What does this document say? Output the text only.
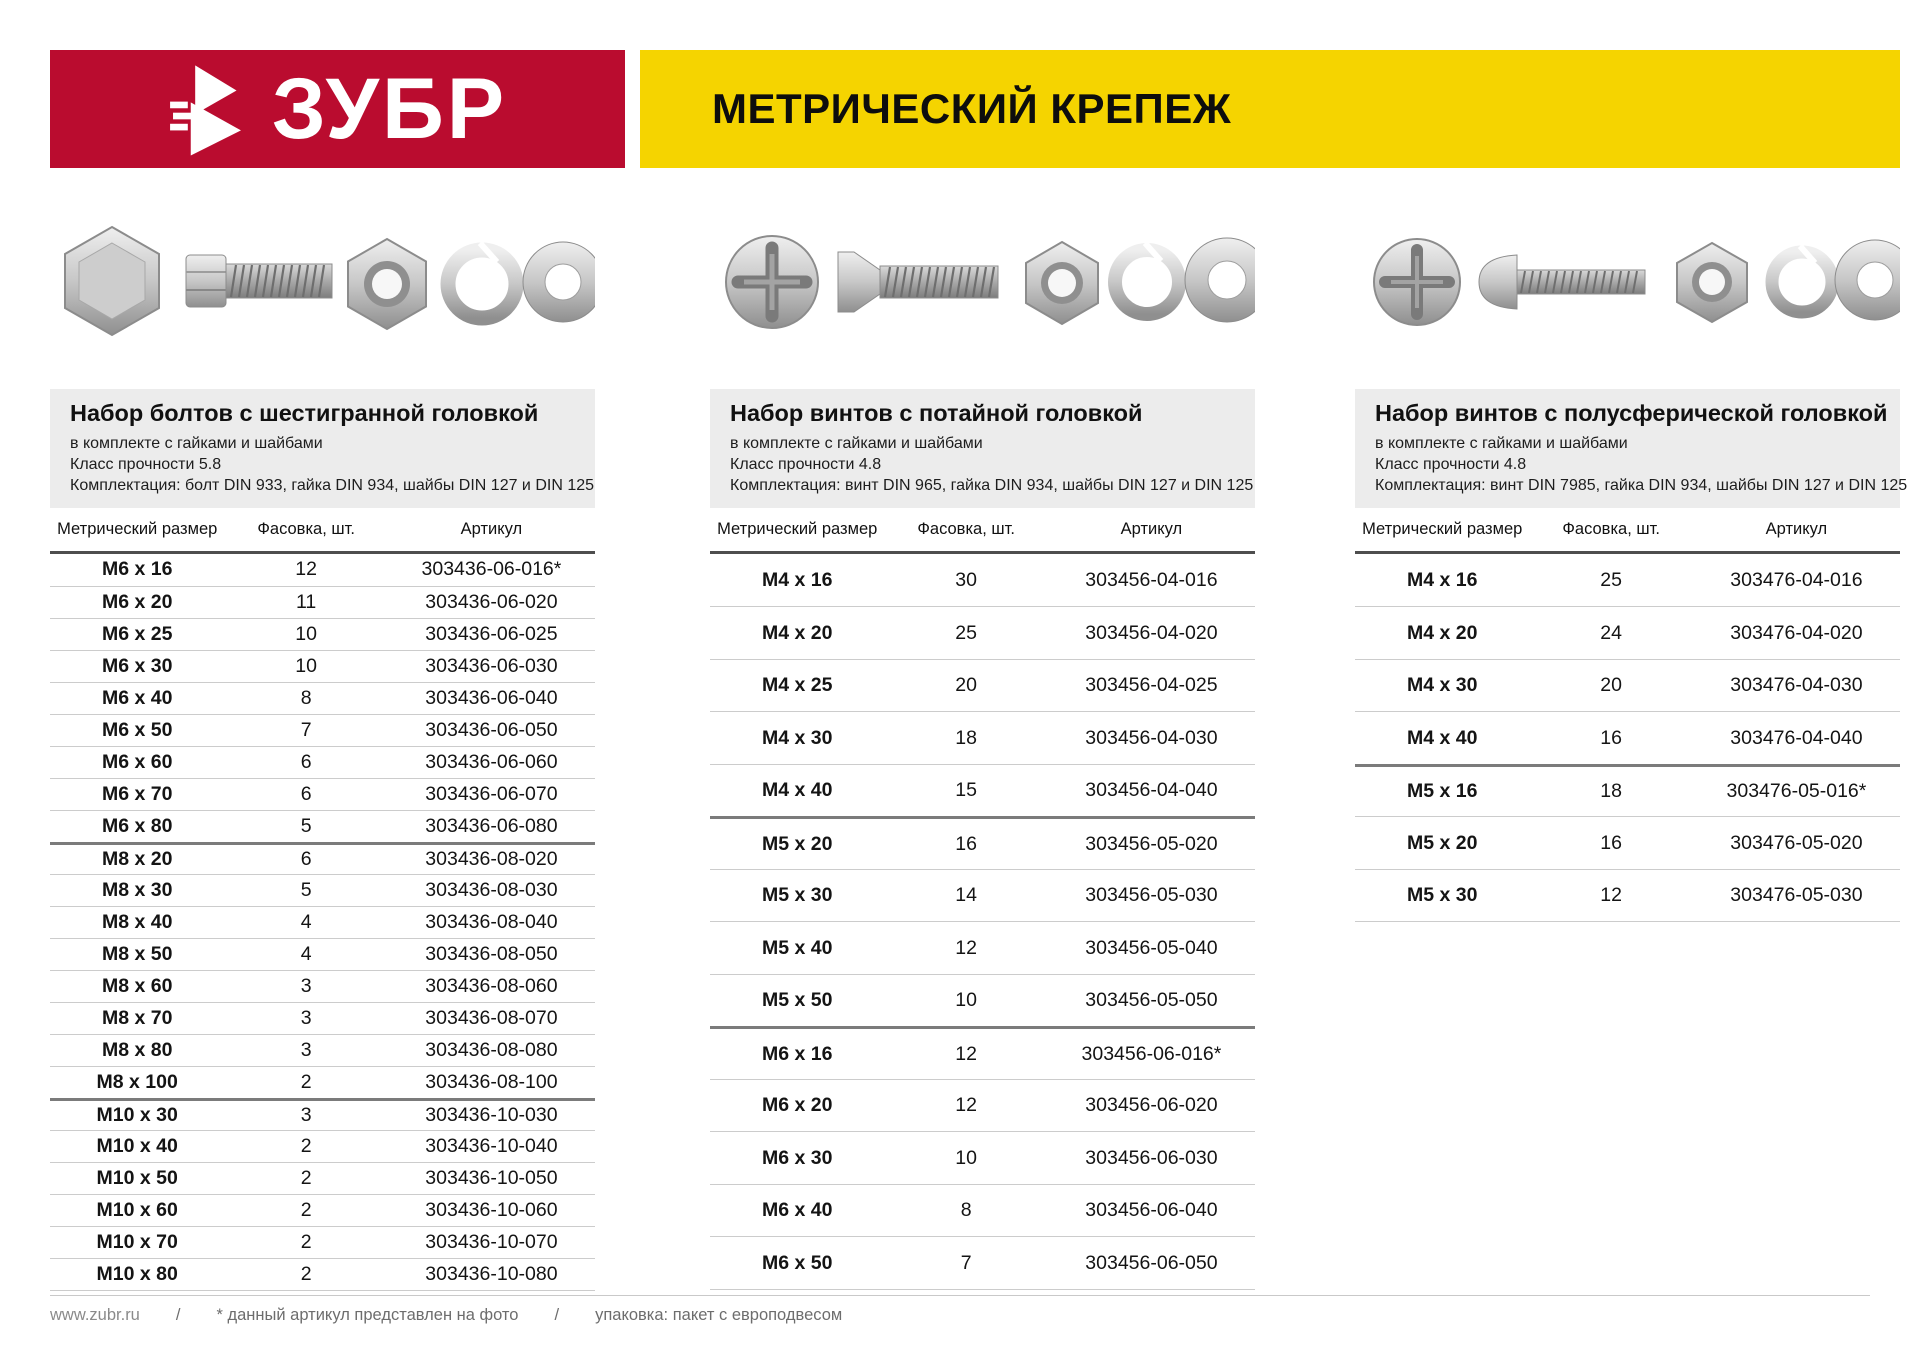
ЗУБР	МЕТРИЧЕСКИЙ КРЕПЕЖ
Набор болтов с шестигранной головкой

в комплекте с гайками и шайбами

Класс прочности 5.8

Комплектация: болт DIN 933, гайка DIN 934, шайбы DIN 127 и DIN 125

Метрический размер	Фасовка, шт.	Артикул
М6 х 16	12	303436-06-016*
М6 х 20	11	303436-06-020
М6 х 25	10	303436-06-025
М6 х 30	10	303436-06-030
М6 х 40	8	303436-06-040
М6 х 50	7	303436-06-050
М6 х 60	6	303436-06-060
М6 х 70	6	303436-06-070
М6 х 80	5	303436-06-080
М8 х 20	6	303436-08-020
М8 х 30	5	303436-08-030
М8 х 40	4	303436-08-040
М8 х 50	4	303436-08-050
М8 х 60	3	303436-08-060
М8 х 70	3	303436-08-070
М8 х 80	3	303436-08-080
М8 х 100	2	303436-08-100
М10 х 30	3	303436-10-030
М10 х 40	2	303436-10-040
М10 х 50	2	303436-10-050
М10 х 60	2	303436-10-060
М10 х 70	2	303436-10-070
М10 х 80	2	303436-10-080
Набор винтов с потайной головкой

в комплекте с гайками и шайбами

Класс прочности 4.8

Комплектация: винт DIN 965, гайка DIN 934, шайбы DIN 127 и DIN 125

Метрический размер	Фасовка, шт.	Артикул
М4 х 16	30	303456-04-016
М4 х 20	25	303456-04-020
М4 х 25	20	303456-04-025
М4 х 30	18	303456-04-030
М4 х 40	15	303456-04-040
М5 х 20	16	303456-05-020
М5 х 30	14	303456-05-030
М5 х 40	12	303456-05-040
М5 х 50	10	303456-05-050
М6 х 16	12	303456-06-016*
М6 х 20	12	303456-06-020
М6 х 30	10	303456-06-030
М6 х 40	8	303456-06-040
М6 х 50	7	303456-06-050
Набор винтов с полусферической головкой

в комплекте с гайками и шайбами

Класс прочности 4.8

Комплектация: винт DIN 7985, гайка DIN 934, шайбы DIN 127 и DIN 125

Метрический размер	Фасовка, шт.	Артикул
М4 х 16	25	303476-04-016
М4 х 20	24	303476-04-020
М4 х 30	20	303476-04-030
М4 х 40	16	303476-04-040
М5 х 16	18	303476-05-016*
М5 х 20	16	303476-05-020
М5 х 30	12	303476-05-030
www.zubr.ru / * данный артикул представлен на фото / упаковка: пакет с европодвесом
